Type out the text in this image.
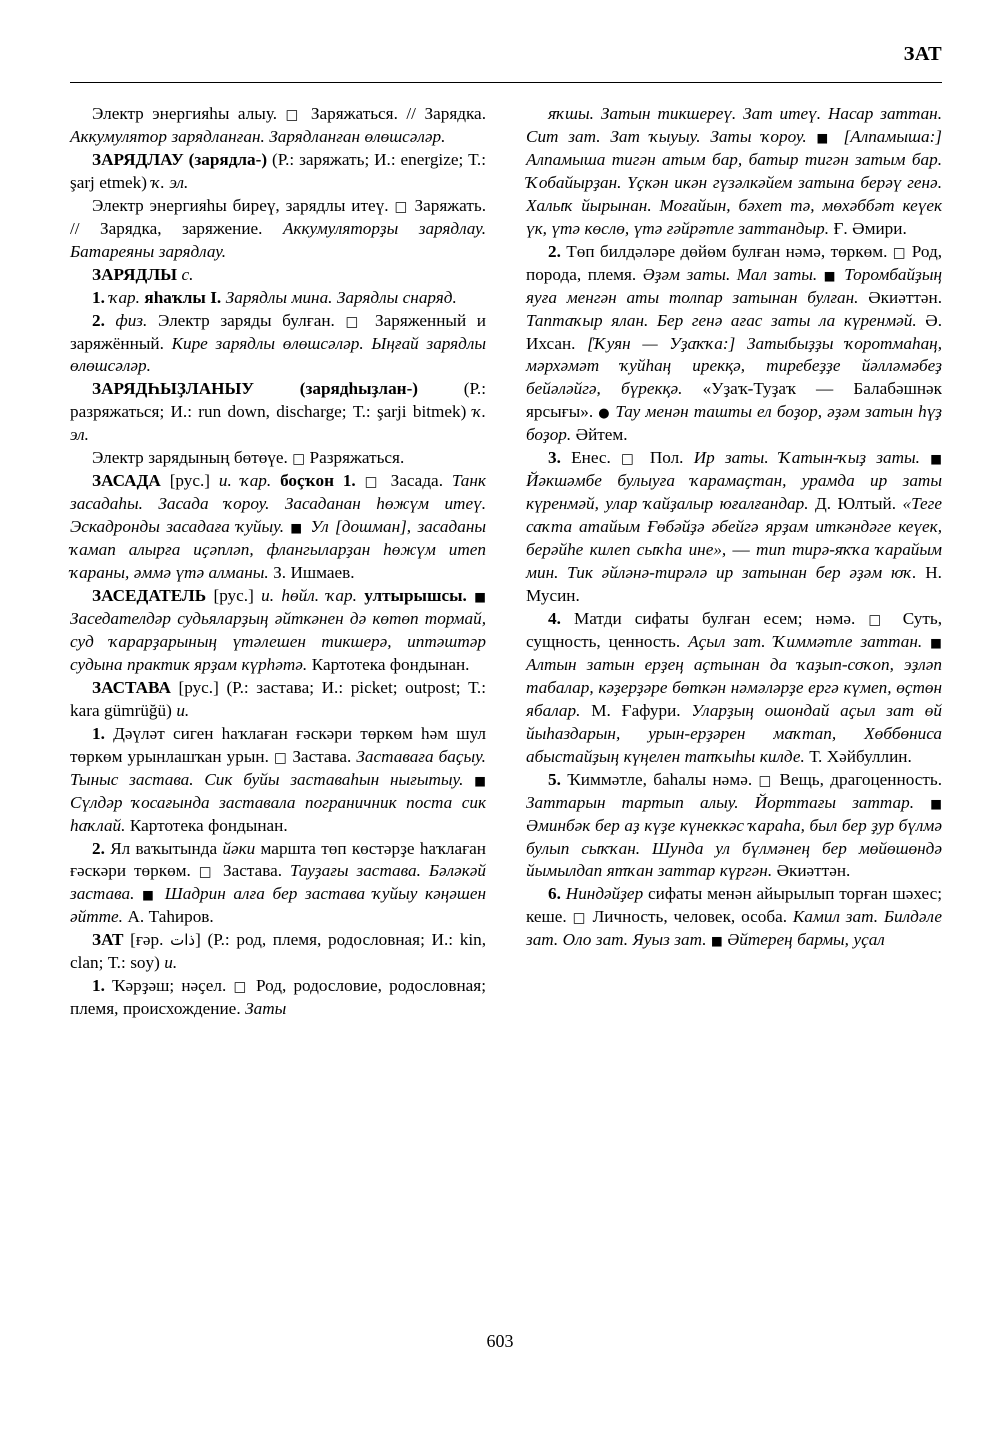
ЗАТ

Электр энергияһы алыу. □ Заряжаться. // Зарядка. Аккумулятор зарядланған. Зарядланған өлөшсәләр.

ЗАРЯДЛАУ (зарядла-) (Р.: заряжать; И.: energize; Т.: şarj etmek) ҡ. эл.

Электр энергияһы биреү, зарядлы итеү. □ Заряжать. // Зарядка, заряжение. Аккумуляторҙы зарядлау. Батареяны зарядлау.

ЗАРЯДЛЫ с.

1. ҡар. яһаҡлы I. Зарядлы мина. Зарядлы снаряд.

2. физ. Электр заряды булған. □ Заряженный и заряжённый. Кире зарядлы өлөшсәләр. Ыңғай зарядлы өлөшсәләр.

ЗАРЯДҺЫҘЛАНЫУ (зарядһыҙлан-) (Р.: разряжаться; И.: run down, discharge; Т.: şarji bitmek) ҡ. эл.

Электр зарядының бөтөүе. □ Разряжаться.

ЗАСАДА [рус.] и. ҡар. боҫҡон 1. □ Засада. Танк засадаһы. Засада ҡороу. Засаданан һөжүм итеү. Эскадронды засадаға ҡуйыу. ■ Ул [дошман], засаданы ҡамап алырға иҫәпләп, флангыларҙан һөжүм итеп ҡараны, әммә үтә алманы. З. Ишмаев.

ЗАСЕДАТЕЛЬ [рус.] и. һөйл. ҡар. ултырышсы. ■ Заседателдәр судьяларҙың әйткәнен дә көтөп тормай, суд ҡарарҙарының үтәлешен тикшерә, иптәштәр судына практик ярҙам күрһәтә. Картотека фондынан.

ЗАСТАВА [рус.] (Р.: застава; И.: picket; outpost; Т.: kara gümrüğü) и.

1. Дәүләт сиген һаҡлаған ғәскәри төркөм һәм шул төркөм урынлашҡан урын. □ Застава. Заставаға баҫыу. Тыныс застава. Сик буйы заставаһын нығытыу. ■ Сүлдәр ҡосағында заставала пограничник поста сик һаҡлай. Картотека фондынан.

2. Ял ваҡытында йәки марштa төп көстәрҙе һаҡлаған ғәскәри төркөм. □ Застава. Тауҙағы застава. Бәләкәй застава. ■ Шадрин алға бер застава ҡуйыу кәңәшен әйтте. А. Таһиров.

ЗАТ [ғәр. ذات] (Р.: род, племя, родословная; И.: kin, clan; Т.: soy) и.

1. Ҡәрҙәш; нәҫел. □ Род, родословие, родословная; племя, происхождение. Заты

яҡшы. Затын тикшереү. Зат итеү. Насар заттан. Сит зат. Зат ҡыуыу. Заты ҡороу. ■ [Алпамыша:] Алпамыша тигән атым бар, батыр тигән затым бар. Ҡобайырҙан. Үҫкән икән гүзәлкәйем затына берәү генә. Халыҡ йырынан. Моғайын, бәхет тә, мөхәббәт кеүек үк, үтә көслө, үтә ғәйрәтле заттандыр. Ғ. Әмири.

2. Төп билдәләре дөйөм булған нәмә, төркөм. □ Род, порода, племя. Әҙәм заты. Мал заты. ■ Торомбайҙың яуға менгән аты толпар затынан булған. Әкиәттән. Таптаҡыр ялан. Бер генә ағас заты ла күренмәй. Ә. Ихсан. [Ҡуян — Уҙаҡҡа:] Затыбыҙҙы ҡоротмаһаң, мәрхәмәт ҡуйһаң ирекқә, тиребеҙҙе йәлләмәбеҙ бейәләйгә, бүрекқә. «Уҙаҡ-Туҙаҡ — Балабәшнәк ярсығы». ● Тау менән ташты ел боҙор, әҙәм затын һүҙ боҙор. Әйтем.

3. Енес. □ Пол. Ир заты. Ҡатын-ҡыҙ заты. ■ Йәкшәмбе булыуға ҡарамаҫтан, урамда ир заты күренмәй, улар ҡайҙалыр юғалғандар. Д. Юлтый. «Теге саҡта атайым Ғөбәйҙә әбейгә ярҙам иткәндәге кеүек, берәйһе килеп сыҡһа ине», — тип тирә-яҡҡа ҡарайым мин. Тик әйләнә-тирәлә ир затынан бер әҙәм юҡ. Н. Мусин.

4. Матди сифаты булған есем; нәмә. □ Суть, сущность, ценность. Аҫыл зат. Ҡиммәтле заттан. ■ Алтын затын ерҙең аҫтынан да ҡаҙып-соҡоп, эҙләп табалар, кәҙерҙәре бөткән нәмәләрҙе ергә күмеп, өҫтөн ябалар. М. Ғафури. Уларҙың ошондай аҫыл зат өй йыһаздарын, урын-ерҙәрен маҡтап, Хөббөниса абыстайҙың күңелен тапҡыһы килде. Т. Хәйбуллин.

5. Ҡиммәтле, баһалы нәмә. □ Вещь, драгоценность. Заттарын тартып алыу. Йорттағы заттар. ■ Әминбәк бер аҙ күҙе күнеккәс ҡараһа, был бер ҙур бүлмә булып сыҡҡан. Шунда ул бүлмәнең бер мөйөшөндә йымылдап ятҡан заттар күргән. Әкиәттән.

6. Ниндәйҙер сифаты менән айырылып торған шәхес; кеше. □ Личность, человек, особа. Камил зат. Билдәле зат. Оло зат. Яуыз зат. ■ Әйтерең бармы, уҫал

603
